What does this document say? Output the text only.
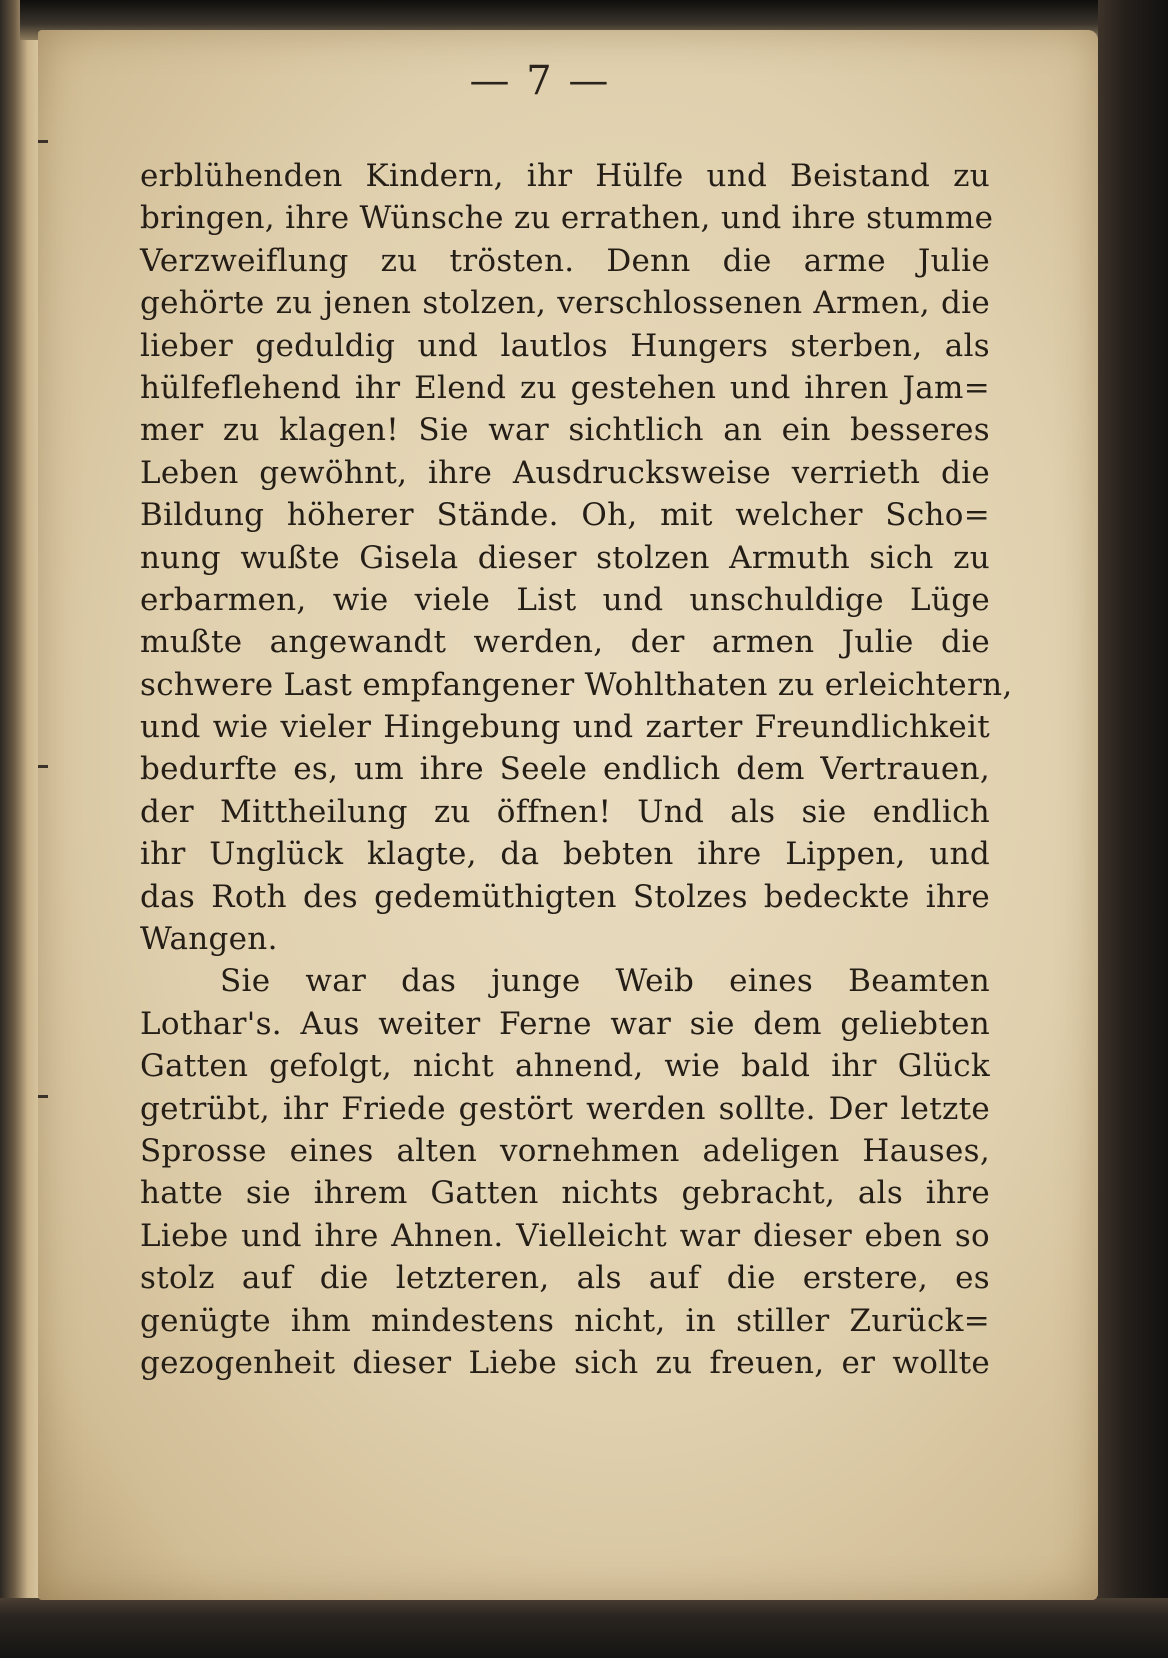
— 7 —
erblühenden Kindern, ihr Hülfe und Beistand zu
bringen, ihre Wünsche zu errathen, und ihre stumme
Verzweiflung zu trösten. Denn die arme Julie
gehörte zu jenen stolzen, verschlossenen Armen, die
lieber geduldig und lautlos Hungers sterben, als
hülfeflehend ihr Elend zu gestehen und ihren Jam=
mer zu klagen! Sie war sichtlich an ein besseres
Leben gewöhnt, ihre Ausdrucksweise verrieth die
Bildung höherer Stände. Oh, mit welcher Scho=
nung wußte Gisela dieser stolzen Armuth sich zu
erbarmen, wie viele List und unschuldige Lüge
mußte angewandt werden, der armen Julie die
schwere Last empfangener Wohlthaten zu erleichtern,
und wie vieler Hingebung und zarter Freundlichkeit
bedurfte es, um ihre Seele endlich dem Vertrauen,
der Mittheilung zu öffnen! Und als sie endlich
ihr Unglück klagte, da bebten ihre Lippen, und
das Roth des gedemüthigten Stolzes bedeckte ihre
Wangen.
Sie war das junge Weib eines Beamten
Lothar's. Aus weiter Ferne war sie dem geliebten
Gatten gefolgt, nicht ahnend, wie bald ihr Glück
getrübt, ihr Friede gestört werden sollte. Der letzte
Sprosse eines alten vornehmen adeligen Hauses,
hatte sie ihrem Gatten nichts gebracht, als ihre
Liebe und ihre Ahnen. Vielleicht war dieser eben so
stolz auf die letzteren, als auf die erstere, es
genügte ihm mindestens nicht, in stiller Zurück=
gezogenheit dieser Liebe sich zu freuen, er wollte
